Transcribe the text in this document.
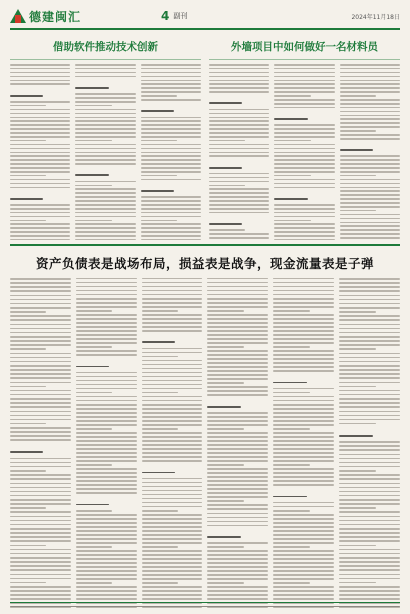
德建闽汇	4 副刊	2024年11月18日
借助软件推动技术创新	外墙项目中如何做好一名材料员
资产负债表是战场布局，损益表是战争，现金流量表是子弹
